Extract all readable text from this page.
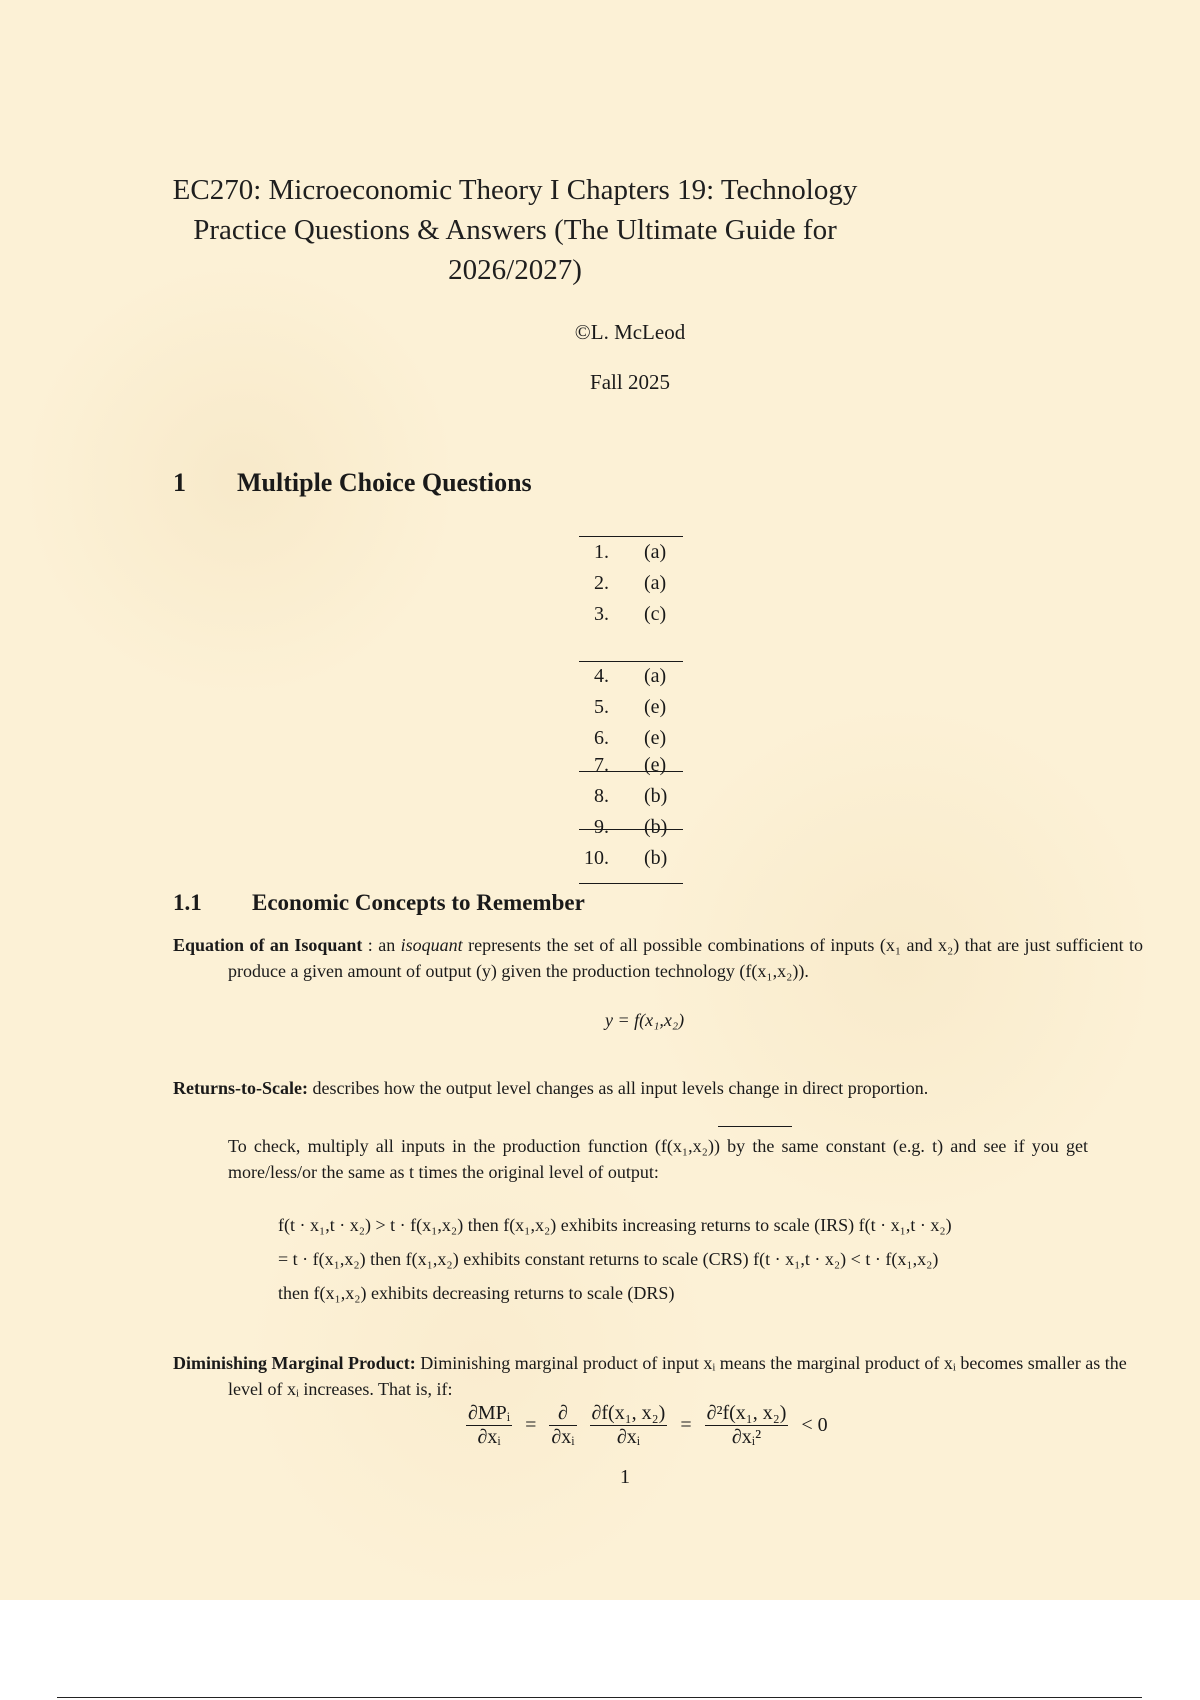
EC270: Microeconomic Theory I Chapters 19: Technology Practice Questions & Answers (The Ultimate Guide for 2026/2027)
©L. McLeod
Fall 2025
1 Multiple Choice Questions
1. (a)
2. (a)
3. (c)
4. (a)
5. (e)
6. (e)
7. (e)
8. (b)
9. (b)
10. (b)
1.1 Economic Concepts to Remember
Equation of an Isoquant : an isoquant represents the set of all possible combinations of inputs (x₁ and x₂) that are just sufficient to produce a given amount of output (y) given the production technology (f(x₁,x₂)).
y = f(x₁,x₂)
Returns-to-Scale: describes how the output level changes as all input levels change in direct proportion.
To check, multiply all inputs in the production function (f(x₁,x₂)) by the same constant (e.g. t) and see if you get more/less/or the same as t times the original level of output:
f(t · x₁,t · x₂) > t · f(x₁,x₂) then f(x₁,x₂) exhibits increasing returns to scale (IRS) f(t · x₁,t · x₂)
= t · f(x₁,x₂) then f(x₁,x₂) exhibits constant returns to scale (CRS) f(t · x₁,t · x₂) < t · f(x₁,x₂)
then f(x₁,x₂) exhibits decreasing returns to scale (DRS)
Diminishing Marginal Product: Diminishing marginal product of input xᵢ means the marginal product of xᵢ becomes smaller as the level of xᵢ increases. That is, if:
$\frac{\text{∂MPᵢ}}{\text{∂xᵢ}} = \frac{\partial}{\text{∂xᵢ}}$
$\frac{\text{∂f(x₁, x₂)}}{\text{∂xᵢ}} = \frac{\text{∂²f(x₁, x₂)}}{\text{∂xᵢ²}} < 0$
1
